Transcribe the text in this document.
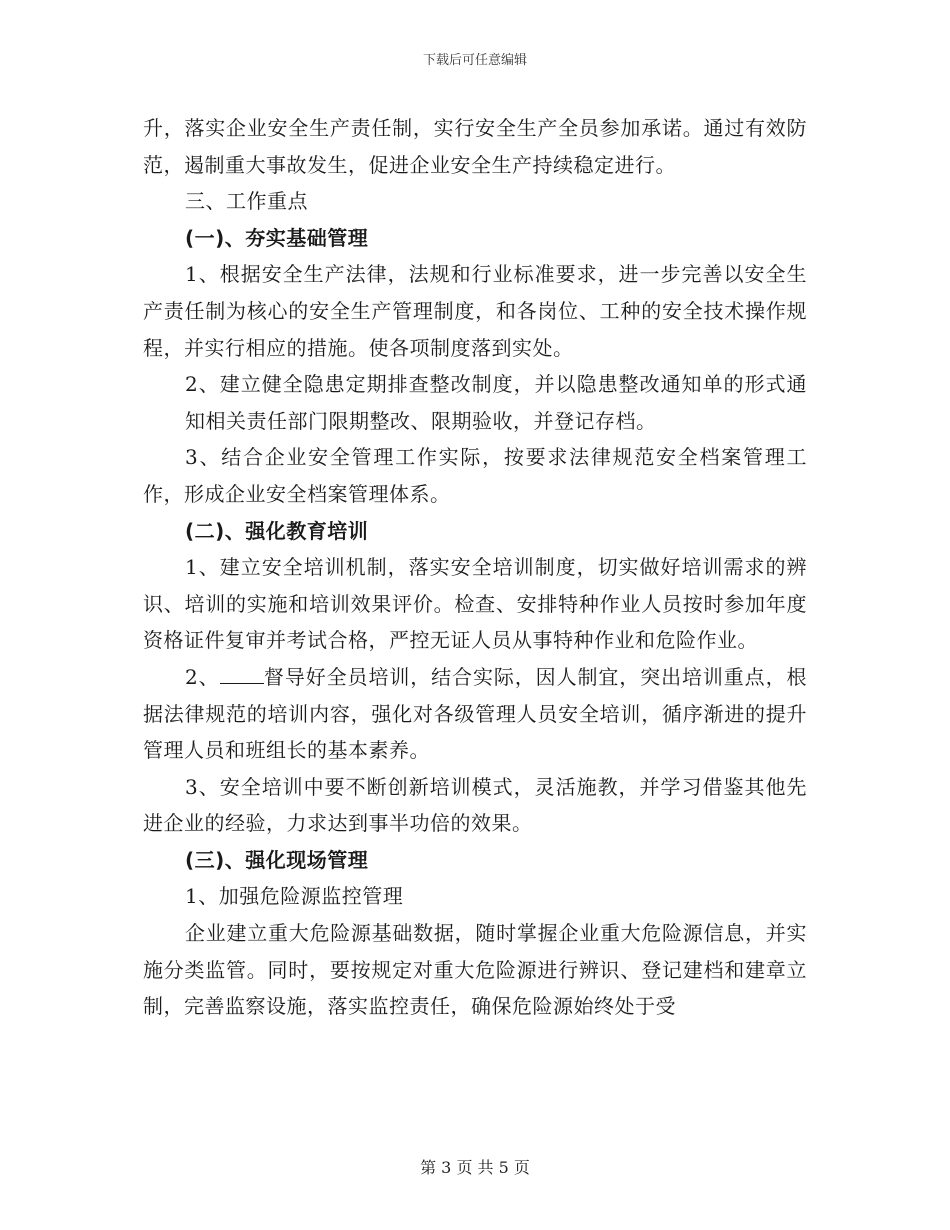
下载后可任意编辑

升，落实企业安全生产责任制，实行安全生产全员参加承诺。通过有效防范，遏制重大事故发生，促进企业安全生产持续稳定进行。

三、工作重点

(一)、夯实基础管理

1、根据安全生产法律，法规和行业标准要求，进一步完善以安全生产责任制为核心的安全生产管理制度，和各岗位、工种的安全技术操作规程，并实行相应的措施。使各项制度落到实处。

2、建立健全隐患定期排查整改制度，并以隐患整改通知单的形式通知相关责任部门限期整改、限期验收，并登记存档。

3、结合企业安全管理工作实际，按要求法律规范安全档案管理工作，形成企业安全档案管理体系。

(二)、强化教育培训

1、建立安全培训机制，落实安全培训制度，切实做好培训需求的辨识、培训的实施和培训效果评价。检查、安排特种作业人员按时参加年度资格证件复审并考试合格，严控无证人员从事特种作业和危险作业。

2、 督导好全员培训，结合实际，因人制宜，突出培训重点，根据法律规范的培训内容，强化对各级管理人员安全培训，循序渐进的提升管理人员和班组长的基本素养。

3、安全培训中要不断创新培训模式，灵活施教，并学习借鉴其他先进企业的经验，力求达到事半功倍的效果。

(三)、强化现场管理

1、加强危险源监控管理

企业建立重大危险源基础数据，随时掌握企业重大危险源信息，并实施分类监管。同时，要按规定对重大危险源进行辨识、登记建档和建章立制，完善监察设施，落实监控责任，确保危险源始终处于受

第 3 页 共 5 页
